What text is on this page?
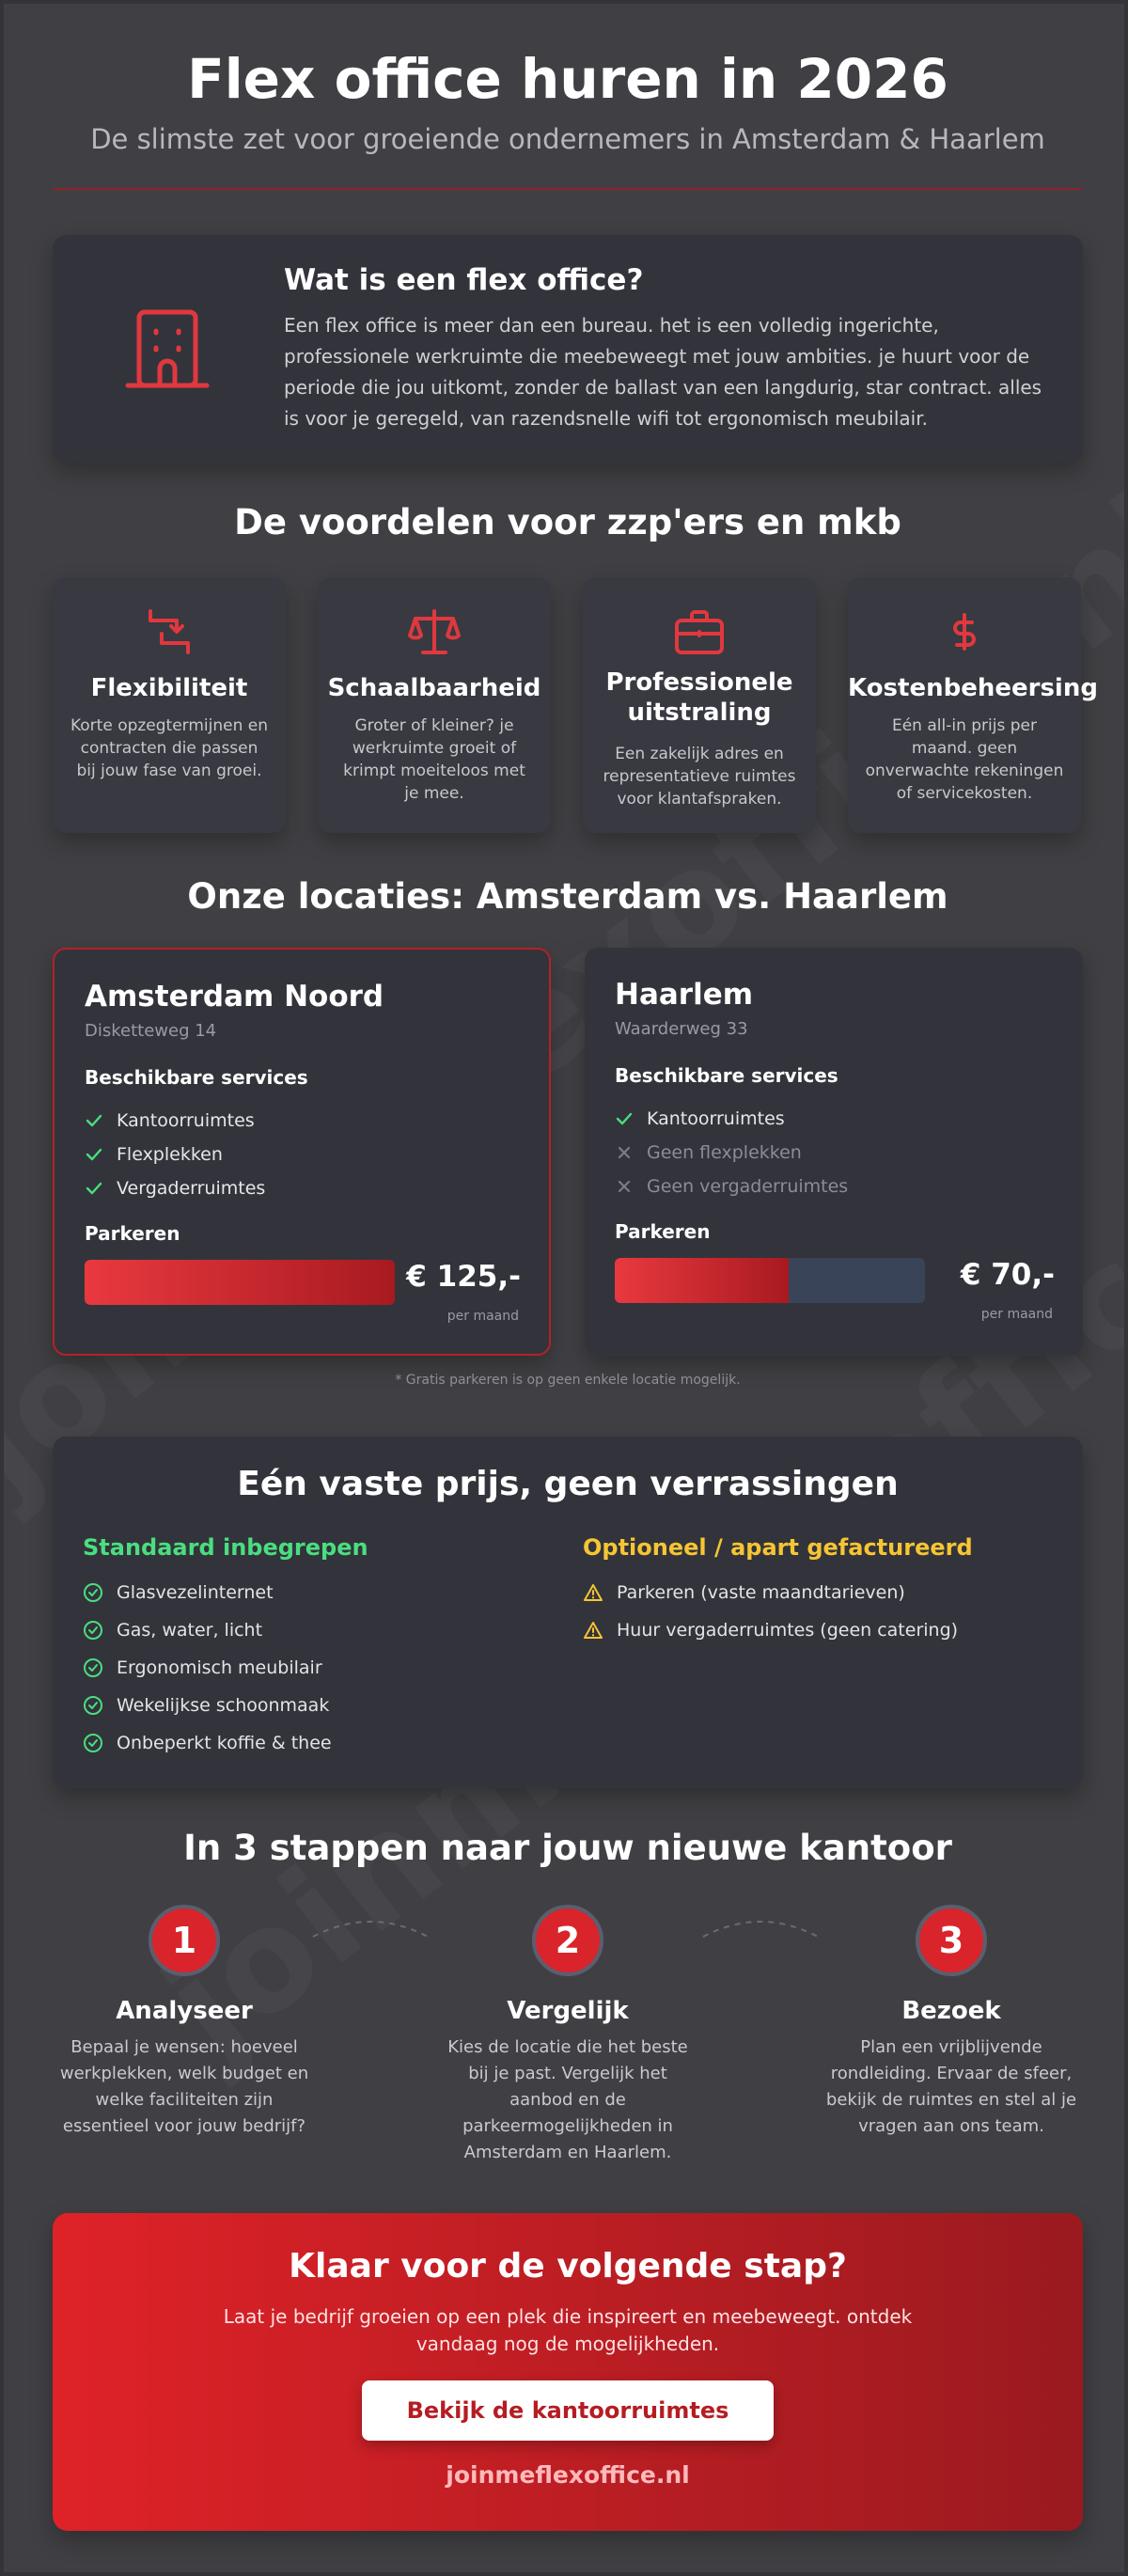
Flex office huren in 2026
De slimste zet voor groeiende ondernemers in Amsterdam & Haarlem
Wat is een flex office?

Een flex office is meer dan een bureau. het is een volledig ingerichte, professionele werkruimte die meebeweegt met jouw ambities. je huurt voor de periode die jou uitkomt, zonder de ballast van een langdurig, star contract. alles is voor je geregeld, van razendsnelle wifi tot ergonomisch meubilair.

De voordelen voor zzp'ers en mkb
Flexibiliteit

Korte opzegtermijnen en contracten die passen bij jouw fase van groei.

Schaalbaarheid

Groter of kleiner? je werkruimte groeit of krimpt moeiteloos met je mee.

Professionele uitstraling

Een zakelijk adres en representatieve ruimtes voor klantafspraken.

Kostenbeheersing

Eén all-in prijs per maand. geen onverwachte rekeningen of servicekosten.

Onze locaties: Amsterdam vs. Haarlem
Amsterdam Noord
Disketteweg 14
Beschikbare services
Kantoorruimtes
Flexplekken
Vergaderruimtes
Parkeren
€ 125,-
per maand
Haarlem
Waarderweg 33
Beschikbare services
Kantoorruimtes
Geen flexplekken
Geen vergaderruimtes
Parkeren
€ 70,-
per maand
* Gratis parkeren is op geen enkele locatie mogelijk.
Eén vaste prijs, geen verrassingen
Standaard inbegrepen
Glasvezelinternet
Gas, water, licht
Ergonomisch meubilair
Wekelijkse schoonmaak
Onbeperkt koffie & thee
Optioneel / apart gefactureerd
Parkeren (vaste maandtarieven)
Huur vergaderruimtes (geen catering)
In 3 stappen naar jouw nieuwe kantoor
1
Analyseer

Bepaal je wensen: hoeveel werkplekken, welk budget en welke faciliteiten zijn essentieel voor jouw bedrijf?

2
Vergelijk

Kies de locatie die het beste bij je past. Vergelijk het aanbod en de parkeermogelijkheden in Amsterdam en Haarlem.

3
Bezoek

Plan een vrijblijvende rondleiding. Ervaar de sfeer, bekijk de ruimtes en stel al je vragen aan ons team.

Klaar voor de volgende stap?

Laat je bedrijf groeien op een plek die inspireert en meebeweegt. ontdek vandaag nog de mogelijkheden.

Bekijk de kantoorruimtes
joinmeflexoffice.nl
